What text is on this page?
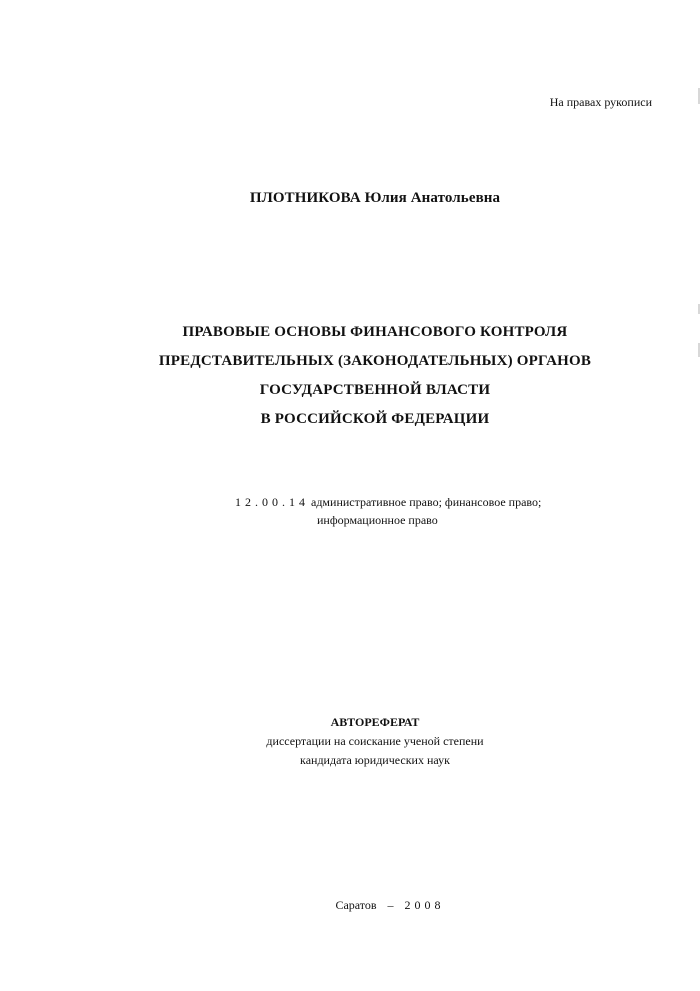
На правах рукописи
ПЛОТНИКОВА Юлия Анатольевна
ПРАВОВЫЕ ОСНОВЫ ФИНАНСОВОГО КОНТРОЛЯ
ПРЕДСТАВИТЕЛЬНЫХ (ЗАКОНОДАТЕЛЬНЫХ) ОРГАНОВ
ГОСУДАРСТВЕННОЙ ВЛАСТИ
В РОССИЙСКОЙ ФЕДЕРАЦИИ
12.00.14 административное право; финансовое право;
информационное право
АВТОРЕФЕРАТ
диссертации на соискание ученой степени
кандидата юридических наук
Саратов – 2008
